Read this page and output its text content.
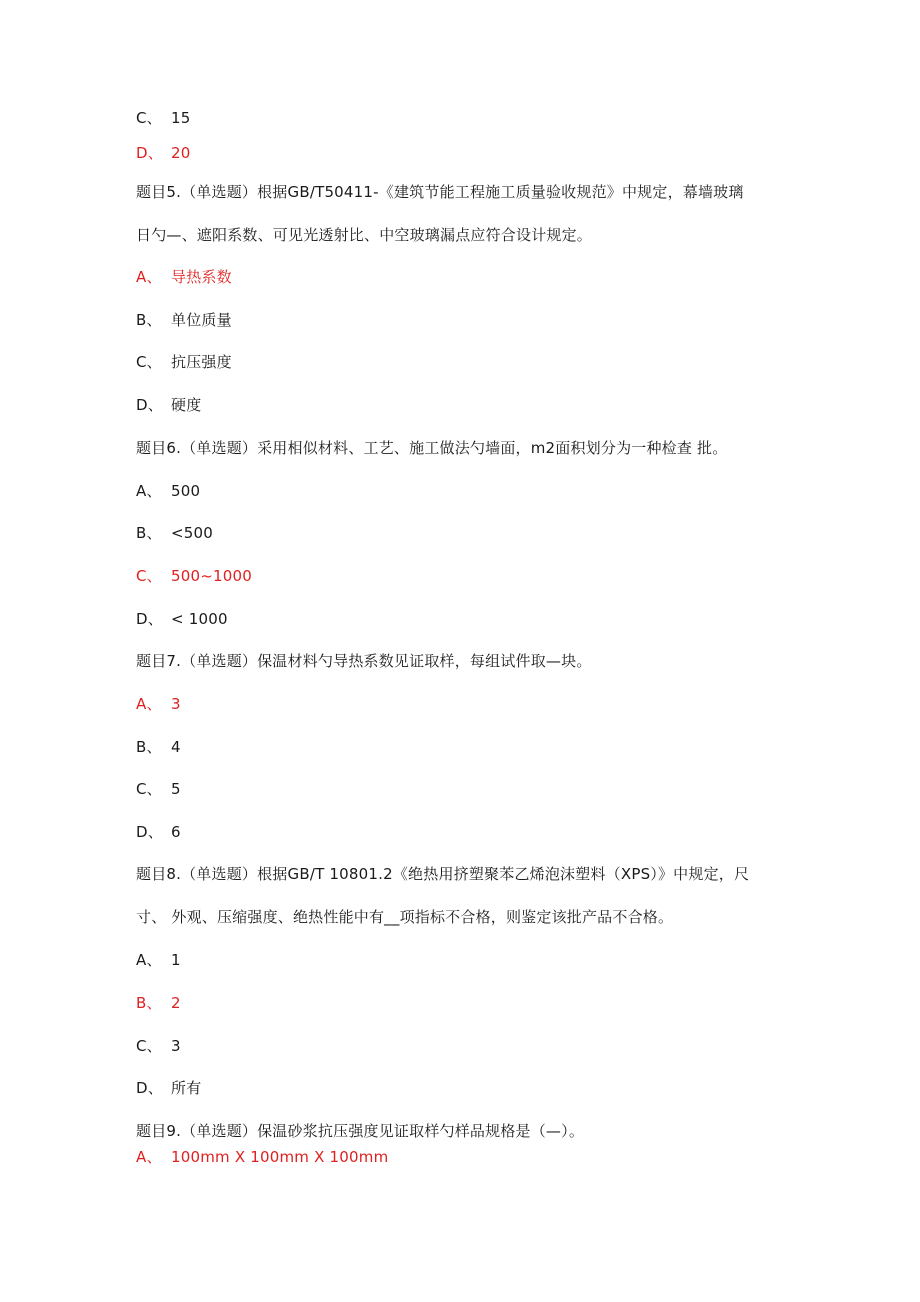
C、 15
D、 20
题目5.（单选题）根据GB/T50411-《建筑节能工程施工质量验收规范》中规定，幕墙玻璃
日勺—、遮阳系数、可见光透射比、中空玻璃漏点应符合设计规定。
A、 导热系数
B、 单位质量
C、 抗压强度
D、 硬度
题目6.（单选题）采用相似材料、工艺、施工做法勺墙面，m2面积划分为一种检查 批。
A、 500
B、 <500
C、 500~1000
D、 < 1000
题目7.（单选题）保温材料勺导热系数见证取样，每组试件取—块。
A、 3
B、 4
C、 5
D、 6
题目8.（单选题）根据GB/T 10801.2《绝热用挤塑聚苯乙烯泡沫塑料（XPS）》中规定，尺
寸、 外观、压缩强度、绝热性能中有__项指标不合格，则鉴定该批产品不合格。
A、 1
B、 2
C、 3
D、 所有
题目9.（单选题）保温砂浆抗压强度见证取样勺样品规格是（—）。
A、 100mm X 100mm X 100mm
